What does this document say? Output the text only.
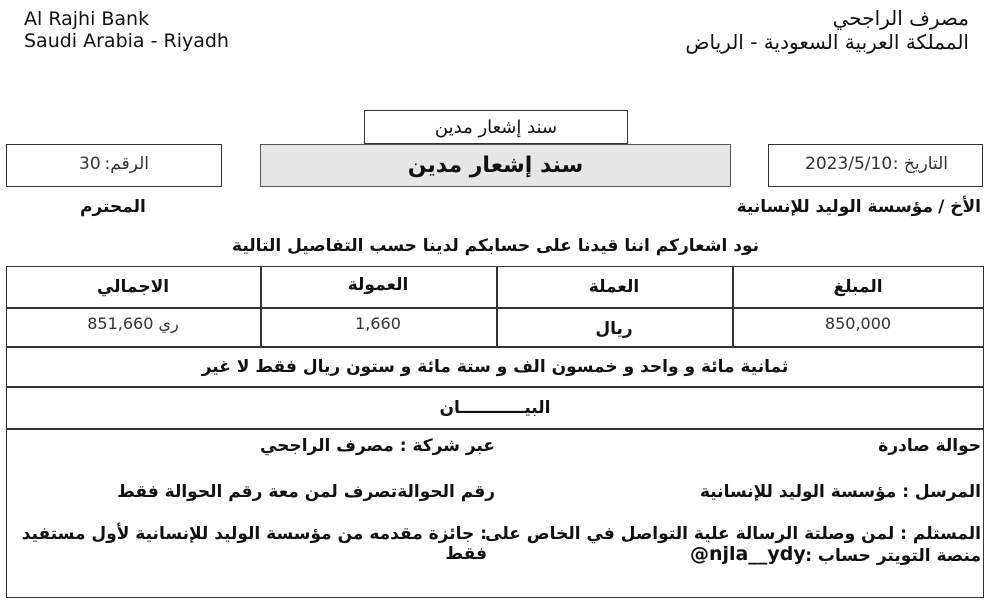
Al Rajhi Bank
Saudi Arabia - Riyadh
مصرف الراجحي
المملكة العربية السعودية - الرياض
سند إشعار مدين
الرقم:
30	سند إشعار مدين	التاريخ :
2023/5/10
الأخ /
مؤسسة الوليد للإنسانية
المحترم
نود اشعاركم اننا قيدنا على حسابكم لدينا حسب التفاصيل التالية
المبلغ
العملة
العمولة
الاجمالي
850,000
ريال
1,660
851,660 ري
ثمانية مائة و واحد و خمسون الف و ستة مائة و ستون ريال فقط لا غير
البيـــــــــــان
حوالة صادرة
عبر شركة : مصرف الراجحي
المرسل : مؤسسة الوليد للإنسانية
رقم الحوالةتصرف لمن معة رقم الحوالة فقط
المستلم : لمن وصلتة الرسالة علية التواصل في الخاص على
منصة التويتر حساب :
@njla__ydy
: جائزة مقدمه من مؤسسة الوليد للإنسانية لأول مستفيد فقط
